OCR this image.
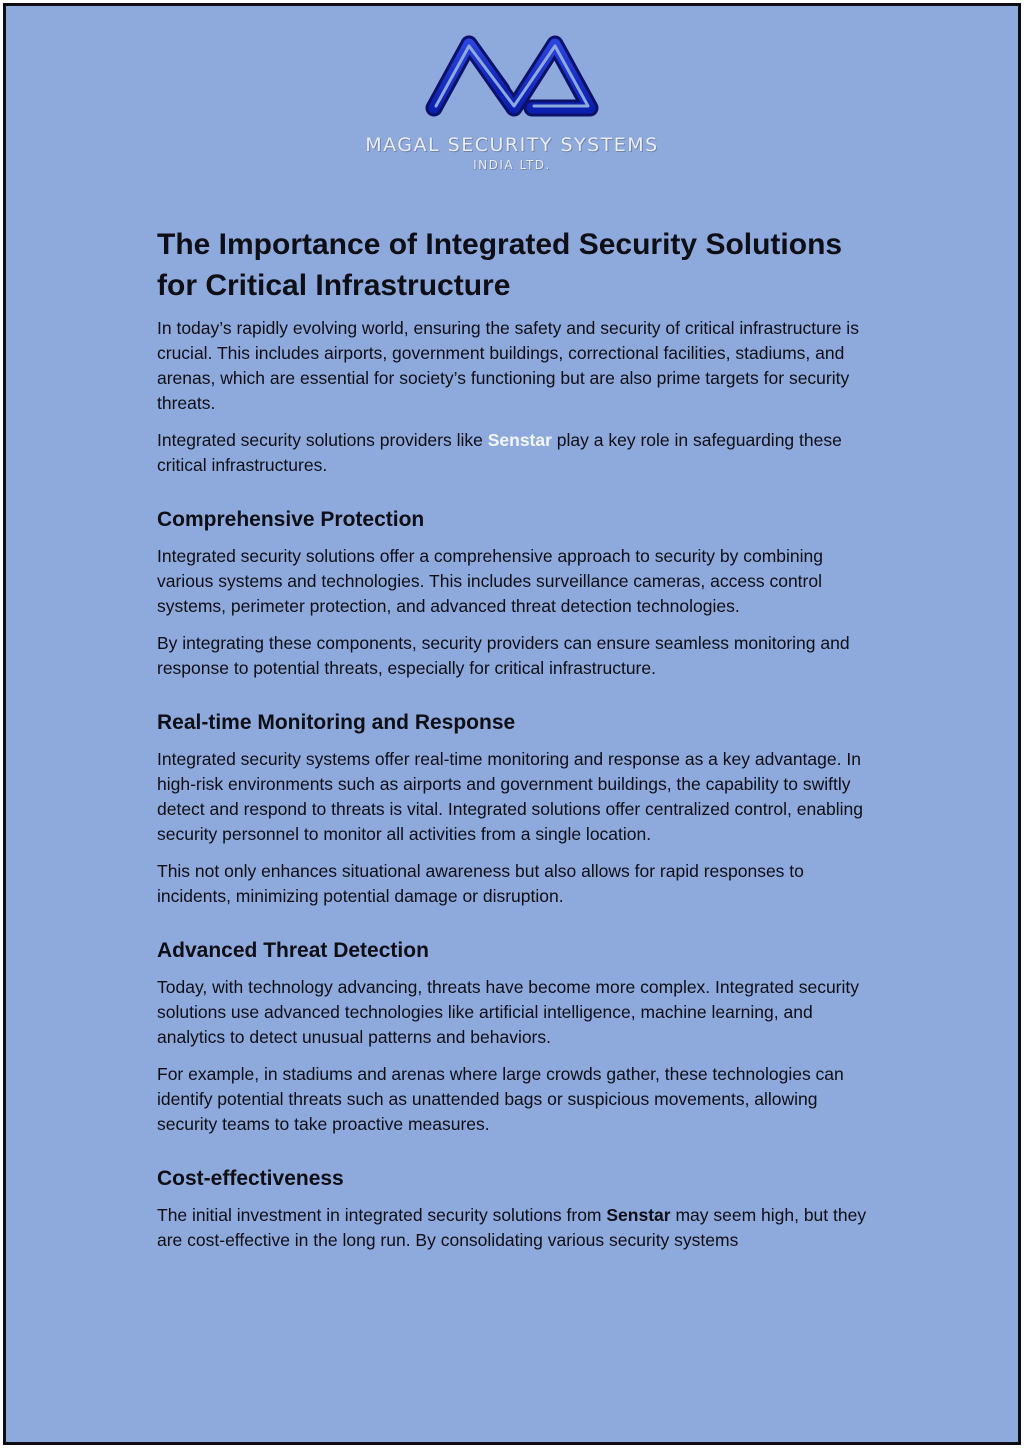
MAGAL SECURITY SYSTEMS
INDIA LTD.
The Importance of Integrated Security Solutions for Critical Infrastructure

In today’s rapidly evolving world, ensuring the safety and security of critical infrastructure is crucial. This includes airports, government buildings, correctional facilities, stadiums, and arenas, which are essential for society’s functioning but are also prime targets for security threats.

Integrated security solutions providers like Senstar play a key role in safeguarding these critical infrastructures.

Comprehensive Protection

Integrated security solutions offer a comprehensive approach to security by combining various systems and technologies. This includes surveillance cameras, access control systems, perimeter protection, and advanced threat detection technologies.

By integrating these components, security providers can ensure seamless monitoring and response to potential threats, especially for critical infrastructure.

Real-time Monitoring and Response

Integrated security systems offer real-time monitoring and response as a key advantage. In high-risk environments such as airports and government buildings, the capability to swiftly detect and respond to threats is vital. Integrated solutions offer centralized control, enabling security personnel to monitor all activities from a single location.

This not only enhances situational awareness but also allows for rapid responses to incidents, minimizing potential damage or disruption.

Advanced Threat Detection

Today, with technology advancing, threats have become more complex. Integrated security solutions use advanced technologies like artificial intelligence, machine learning, and analytics to detect unusual patterns and behaviors.

For example, in stadiums and arenas where large crowds gather, these technologies can identify potential threats such as unattended bags or suspicious movements, allowing security teams to take proactive measures.

Cost-effectiveness

The initial investment in integrated security solutions from Senstar may seem high, but they are cost-effective in the long run. By consolidating various security systems
